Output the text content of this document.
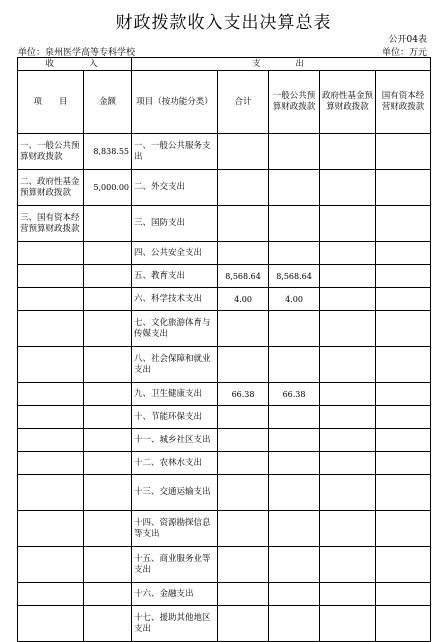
财政拨款收入支出决算总表
公开04表
单位：泉州医学高等专科学校	单位：万元
收　　入		支　　出				
项　　目	金额	项目（按功能分类）	合计	一般公共预算财政拨款	政府性基金预算财政拨款	国有资本经营财政拨款
一、一般公共预算财政拨款	8,838.55	一、一般公共服务支出				
二、政府性基金预算财政拨款	5,000.00	二、外交支出				
三、国有资本经营预算财政拨款		三、国防支出				
		四、公共安全支出				
		五、教育支出	8,568.64	8,568.64		
		六、科学技术支出	4.00	4.00		
		七、文化旅游体育与传媒支出				
		八、社会保障和就业支出				
		九、卫生健康支出	66.38	66.38		
		十、节能环保支出				
		十一、城乡社区支出				
		十二、农林水支出				
		十三、交通运输支出				
		十四、资源勘探信息等支出				
		十五、商业服务业等支出				
		十六、金融支出				
		十七、援助其他地区支出				
